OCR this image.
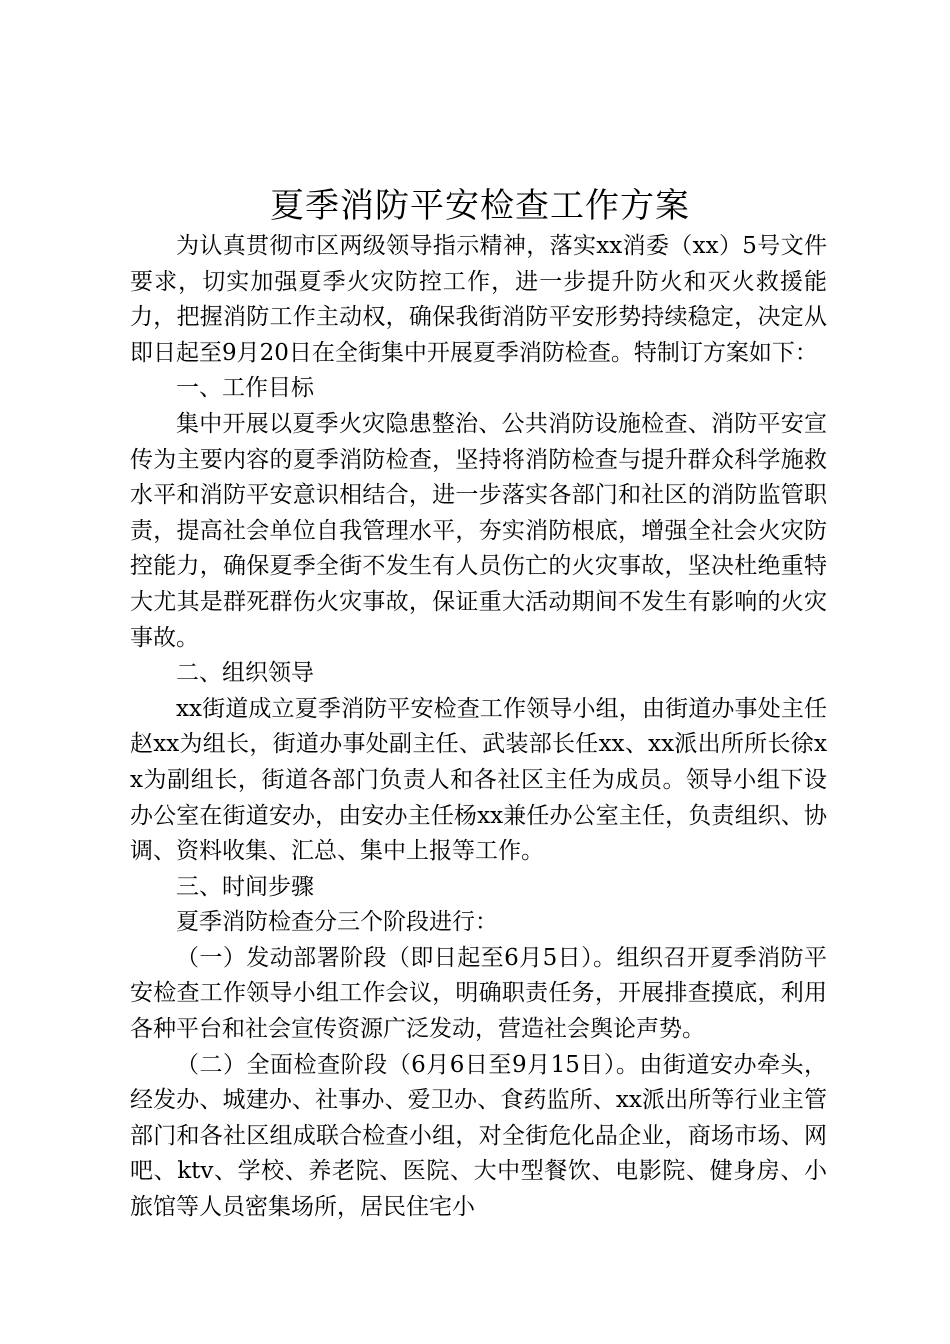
夏季消防平安检查工作方案

为认真贯彻市区两级领导指示精神，落实xx消委（xx）5号文件要求，切实加强夏季火灾防控工作，进一步提升防火和灭火救援能力，把握消防工作主动权，确保我街消防平安形势持续稳定，决定从即日起至9月20日在全街集中开展夏季消防检查。特制订方案如下：

一、工作目标

集中开展以夏季火灾隐患整治、公共消防设施检查、消防平安宣传为主要内容的夏季消防检查，坚持将消防检查与提升群众科学施救水平和消防平安意识相结合，进一步落实各部门和社区的消防监管职责，提高社会单位自我管理水平，夯实消防根底，增强全社会火灾防控能力，确保夏季全街不发生有人员伤亡的火灾事故，坚决杜绝重特大尤其是群死群伤火灾事故，保证重大活动期间不发生有影响的火灾事故。

二、组织领导

xx街道成立夏季消防平安检查工作领导小组，由街道办事处主任赵xx为组长，街道办事处副主任、武装部长任xx、xx派出所所长徐xx为副组长，街道各部门负责人和各社区主任为成员。领导小组下设办公室在街道安办，由安办主任杨xx兼任办公室主任，负责组织、协调、资料收集、汇总、集中上报等工作。

三、时间步骤

夏季消防检查分三个阶段进行：

（一）发动部署阶段（即日起至6月5日）。组织召开夏季消防平安检查工作领导小组工作会议，明确职责任务，开展排查摸底，利用各种平台和社会宣传资源广泛发动，营造社会舆论声势。

（二）全面检查阶段（6月6日至9月15日）。由街道安办牵头，经发办、城建办、社事办、爱卫办、食药监所、xx派出所等行业主管部门和各社区组成联合检查小组，对全街危化品企业，商场市场、网吧、ktv、学校、养老院、医院、大中型餐饮、电影院、健身房、小旅馆等人员密集场所，居民住宅小
